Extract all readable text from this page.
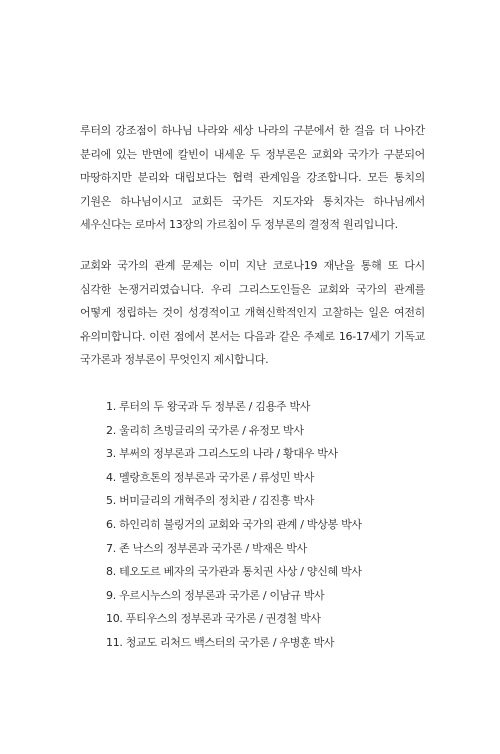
루터의 강조점이 하나님 나라와 세상 나라의 구분에서 한 걸음 더 나아간 분리에 있는 반면에 칼빈이 내세운 두 정부론은 교회와 국가가 구분되어 마땅하지만 분리와 대립보다는 협력 관계임을 강조합니다. 모든 통치의 기원은 하나님이시고 교회든 국가든 지도자와 통치자는 하나님께서 세우신다는 로마서 13장의 가르침이 두 정부론의 결정적 원리입니다.

교회와 국가의 관계 문제는 이미 지난 코로나19 재난을 통해 또 다시 심각한 논쟁거리였습니다. 우리 그리스도인들은 교회와 국가의 관계를 어떻게 정립하는 것이 성경적이고 개혁신학적인지 고찰하는 일은 여전히 유의미합니다. 이런 점에서 본서는 다음과 같은 주제로 16-17세기 기독교 국가론과 정부론이 무엇인지 제시합니다.

1. 루터의 두 왕국과 두 정부론 / 김용주 박사
2. 울리히 츠빙글리의 국가론 / 유정모 박사
3. 부써의 정부론과 그리스도의 나라 / 황대우 박사
4. 멜랑흐톤의 정부론과 국가론 / 류성민 박사
5. 버미글리의 개혁주의 정치관 / 김진흥 박사
6. 하인리히 불링거의 교회와 국가의 관계 / 박상봉 박사
7. 존 낙스의 정부론과 국가론 / 박재은 박사
8. 테오도르 베자의 국가관과 통치권 사상 / 양신혜 박사
9. 우르시누스의 정부론과 국가론 / 이남규 박사
10. 푸티우스의 정부론과 국가론 / 권경철 박사
11. 청교도 리처드 백스터의 국가론 / 우병훈 박사
